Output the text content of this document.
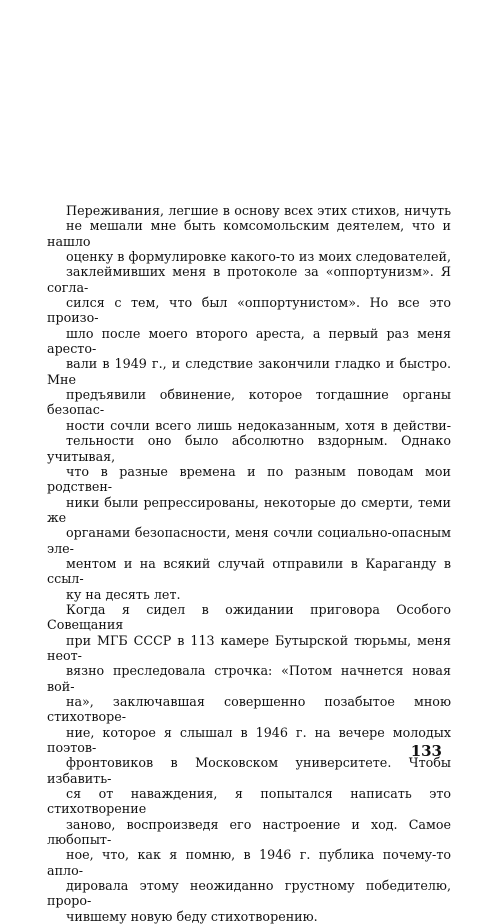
Переживания, легшие в основу всех этих стихов, ничуть
не мешали мне быть комсомольским деятелем, что и нашло
оценку в формулировке какого-то из моих следователей,
заклеймивших меня в протоколе за «оппортунизм». Я согла-
сился с тем, что был «оппортунистом». Но все это произо-
шло после моего второго ареста, а первый раз меня аресто-
вали в 1949 г., и следствие закончили гладко и быстро. Мне
предъявили обвинение, которое тогдашние органы безопас-
ности сочли всего лишь недоказанным, хотя в действи-
тельности оно было абсолютно вздорным. Однако учитывая,
что в разные времена и по разным поводам мои родствен-
ники были репрессированы, некоторые до смерти, теми же
органами безопасности, меня сочли социально-опасным эле-
ментом и на всякий случай отправили в Караганду в ссыл-
ку на десять лет.

Когда я сидел в ожидании приговора Особого Совещания
при МГБ СССР в 113 камере Бутырской тюрьмы, меня неот-
вязно преследовала строчка: «Потом начнется новая вой-
на», заключавшая совершенно позабытое мною стихотворе-
ние, которое я слышал в 1946 г. на вечере молодых поэтов-
фронтовиков в Московском университете. Чтобы избавить-
ся от наваждения, я попытался написать это стихотворение
заново, воспроизведя его настроение и ход. Самое любопыт-
ное, что, как я помню, в 1946 г. публика почему-то апло-
дировала этому неожиданно грустному победителю, проро-
чившему новую беду стихотворению.

133
